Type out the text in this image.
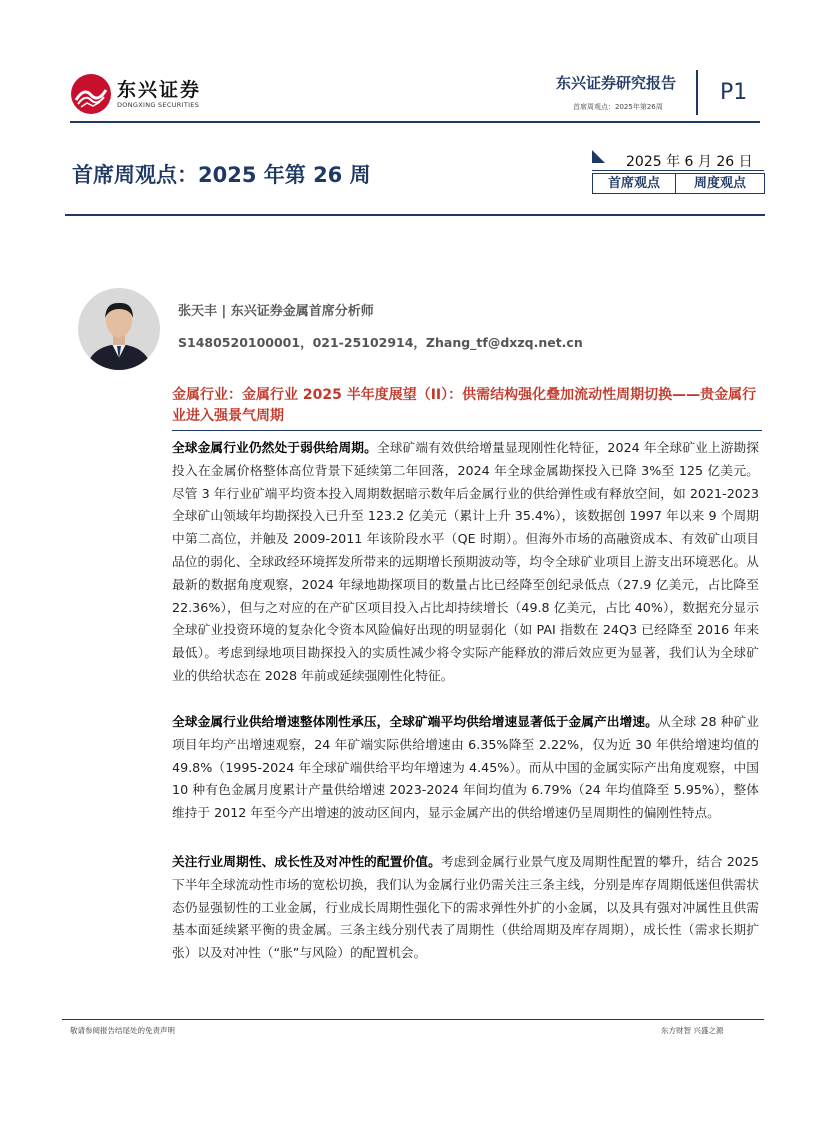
东兴证券
DONGXING SECURITIES
东兴证券研究报告
首席周观点：2025年第26周
P1
首席周观点：2025 年第 26 周
2025 年 6 月 26 日
首席观点	周度观点
张天丰 | 东兴证券金属首席分析师
S1480520100001，021-25102914，Zhang_tf@dxzq.net.cn
金属行业：金属行业 2025 半年度展望（II）：供需结构强化叠加流动性周期切换——贵金属行业进入强景气周期
全球金属行业仍然处于弱供给周期。全球矿端有效供给增量显现刚性化特征，2024 年全球矿业上游勘探投入在金属价格整体高位背景下延续第二年回落，2024 年全球金属勘探投入已降 3%至 125 亿美元。尽管 3 年行业矿端平均资本投入周期数据暗示数年后金属行业的供给弹性或有释放空间，如 2021-2023 全球矿山领域年均勘探投入已升至 123.2 亿美元（累计上升 35.4%），该数据创 1997 年以来 9 个周期中第二高位，并触及 2009-2011 年该阶段水平（QE 时期）。但海外市场的高融资成本、有效矿山项目品位的弱化、全球政经环境挥发所带来的远期增长预期波动等，均令全球矿业项目上游支出环境恶化。从最新的数据角度观察，2024 年绿地勘探项目的数量占比已经降至创纪录低点（27.9 亿美元，占比降至 22.36%），但与之对应的在产矿区项目投入占比却持续增长（49.8 亿美元，占比 40%），数据充分显示全球矿业投资环境的复杂化令资本风险偏好出现的明显弱化（如 PAI 指数在 24Q3 已经降至 2016 年来最低）。考虑到绿地项目勘探投入的实质性减少将令实际产能释放的滞后效应更为显著，我们认为全球矿业的供给状态在 2028 年前或延续强刚性化特征。
全球金属行业供给增速整体刚性承压，全球矿端平均供给增速显著低于金属产出增速。从全球 28 种矿业项目年均产出增速观察，24 年矿端实际供给增速由 6.35%降至 2.22%，仅为近 30 年供给增速均值的 49.8%（1995-2024 年全球矿端供给平均年增速为 4.45%）。而从中国的金属实际产出角度观察，中国 10 种有色金属月度累计产量供给增速 2023-2024 年间均值为 6.79%（24 年均值降至 5.95%），整体维持于 2012 年至今产出增速的波动区间内，显示金属产出的供给增速仍呈周期性的偏刚性特点。
关注行业周期性、成长性及对冲性的配置价值。考虑到金属行业景气度及周期性配置的攀升，结合 2025 下半年全球流动性市场的宽松切换，我们认为金属行业仍需关注三条主线，分别是库存周期低迷但供需状态仍显强韧性的工业金属，行业成长周期性强化下的需求弹性外扩的小金属，以及具有强对冲属性且供需基本面延续紧平衡的贵金属。三条主线分别代表了周期性（供给周期及库存周期），成长性（需求长期扩张）以及对冲性（“胀”与风险）的配置机会。
敬请参阅报告结尾处的免责声明	东方财智 兴盛之源
